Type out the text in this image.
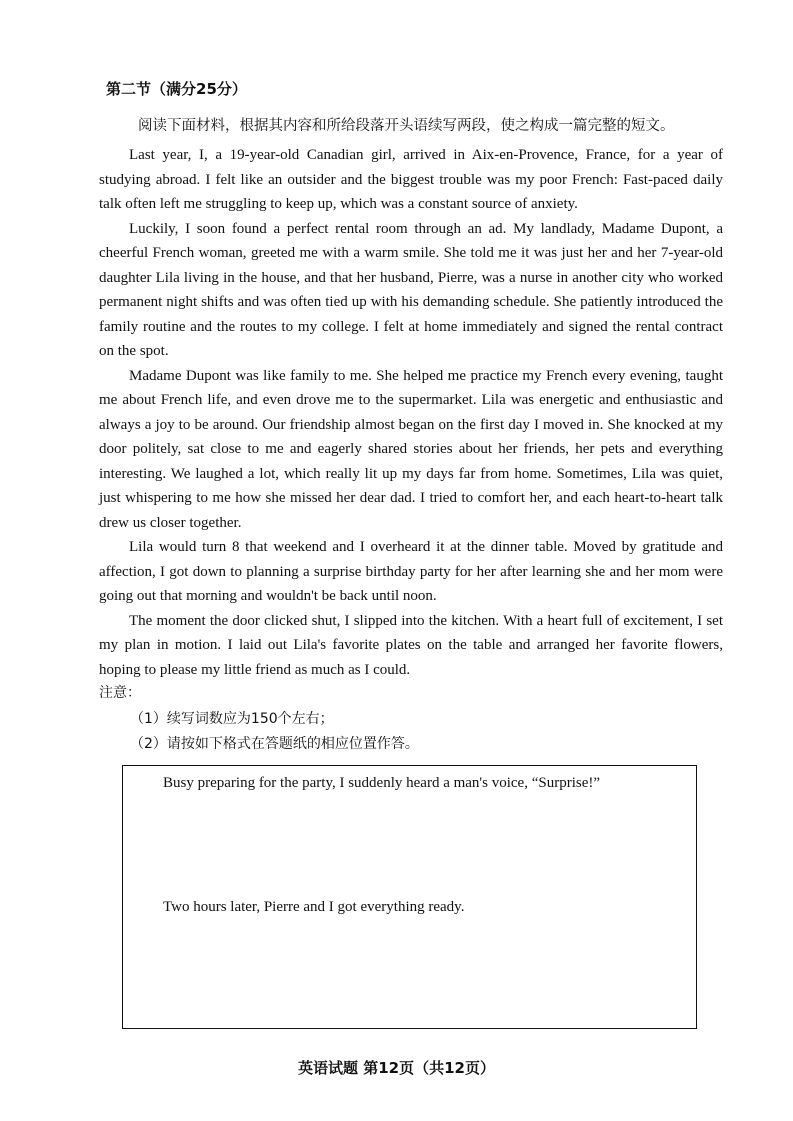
第二节（满分25分）
阅读下面材料，根据其内容和所给段落开头语续写两段，使之构成一篇完整的短文。

Last year, I, a 19-year-old Canadian girl, arrived in Aix-en-Provence, France, for a year of studying abroad. I felt like an outsider and the biggest trouble was my poor French: Fast-paced daily talk often left me struggling to keep up, which was a constant source of anxiety.

Luckily, I soon found a perfect rental room through an ad. My landlady, Madame Dupont, a cheerful French woman, greeted me with a warm smile. She told me it was just her and her 7-year-old daughter Lila living in the house, and that her husband, Pierre, was a nurse in another city who worked permanent night shifts and was often tied up with his demanding schedule. She patiently introduced the family routine and the routes to my college. I felt at home immediately and signed the rental contract on the spot.

Madame Dupont was like family to me. She helped me practice my French every evening, taught me about French life, and even drove me to the supermarket. Lila was energetic and enthusiastic and always a joy to be around. Our friendship almost began on the first day I moved in. She knocked at my door politely, sat close to me and eagerly shared stories about her friends, her pets and everything interesting. We laughed a lot, which really lit up my days far from home. Sometimes, Lila was quiet, just whispering to me how she missed her dear dad. I tried to comfort her, and each heart-to-heart talk drew us closer together.

Lila would turn 8 that weekend and I overheard it at the dinner table. Moved by gratitude and affection, I got down to planning a surprise birthday party for her after learning she and her mom were going out that morning and wouldn't be back until noon.

The moment the door clicked shut, I slipped into the kitchen. With a heart full of excitement, I set my plan in motion. I laid out Lila's favorite plates on the table and arranged her favorite flowers, hoping to please my little friend as much as I could.

注意：
（1）续写词数应为150个左右；
（2）请按如下格式在答题纸的相应位置作答。
Busy preparing for the party, I suddenly heard a man's voice, “Surprise!”
Two hours later, Pierre and I got everything ready.
英语试题 第12页（共12页）
